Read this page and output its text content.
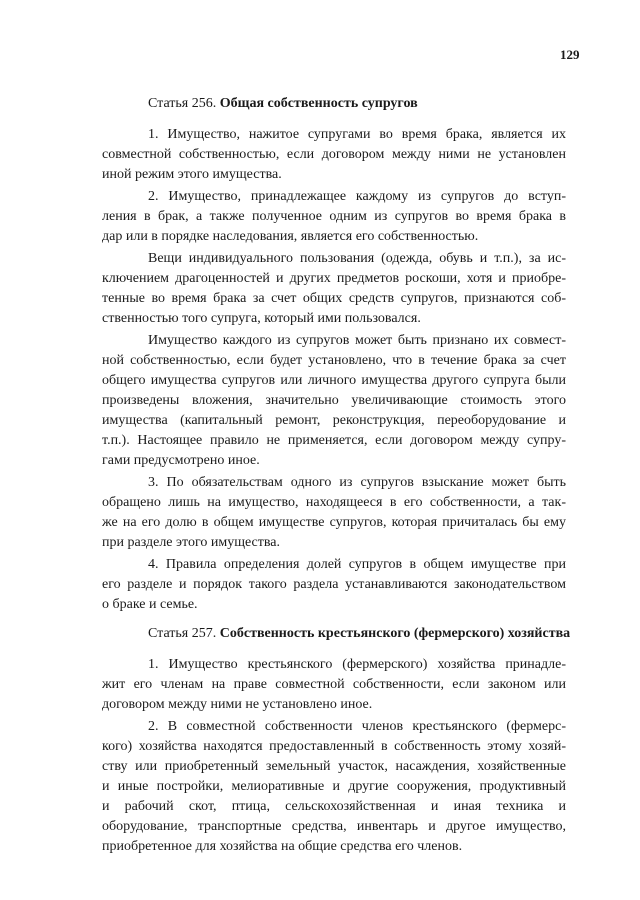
129
Статья 256. Общая собственность супругов
1. Имущество, нажитое супругами во время брака, является их
совместной собственностью, если договором между ними не установлен
иной режим этого имущества.
2. Имущество, принадлежащее каждому из супругов до вступ-
ления в брак, а также полученное одним из супругов во время брака в
дар или в порядке наследования, является его собственностью.
Вещи индивидуального пользования (одежда, обувь и т.п.), за ис-
ключением драгоценностей и других предметов роскоши, хотя и приобре-
тенные во время брака за счет общих средств супругов, признаются соб-
ственностью того супруга, который ими пользовался.
Имущество каждого из супругов может быть признано их совмест-
ной собственностью, если будет установлено, что в течение брака за счет
общего имущества супругов или личного имущества другого супруга были
произведены вложения, значительно увеличивающие стоимость этого
имущества (капитальный ремонт, реконструкция, переоборудование и
т.п.). Настоящее правило не применяется, если договором между супру-
гами предусмотрено иное.
3. По обязательствам одного из супругов взыскание может быть
обращено лишь на имущество, находящееся в его собственности, а так-
же на его долю в общем имуществе супругов, которая причиталась бы ему
при разделе этого имущества.
4. Правила определения долей супругов в общем имуществе при
его разделе и порядок такого раздела устанавливаются законодательством
о браке и семье.
Статья 257. Собственность крестьянского (фермерского) хозяйства
1. Имущество крестьянского (фермерского) хозяйства принадле-
жит его членам на праве совместной собственности, если законом или
договором между ними не установлено иное.
2. В совместной собственности членов крестьянского (фермерс-
кого) хозяйства находятся предоставленный в собственность этому хозяй-
ству или приобретенный земельный участок, насаждения, хозяйственные
и иные постройки, мелиоративные и другие сооружения, продуктивный
и рабочий скот, птица, сельскохозяйственная и иная техника и
оборудование, транспортные средства, инвентарь и другое имущество,
приобретенное для хозяйства на общие средства его членов.
